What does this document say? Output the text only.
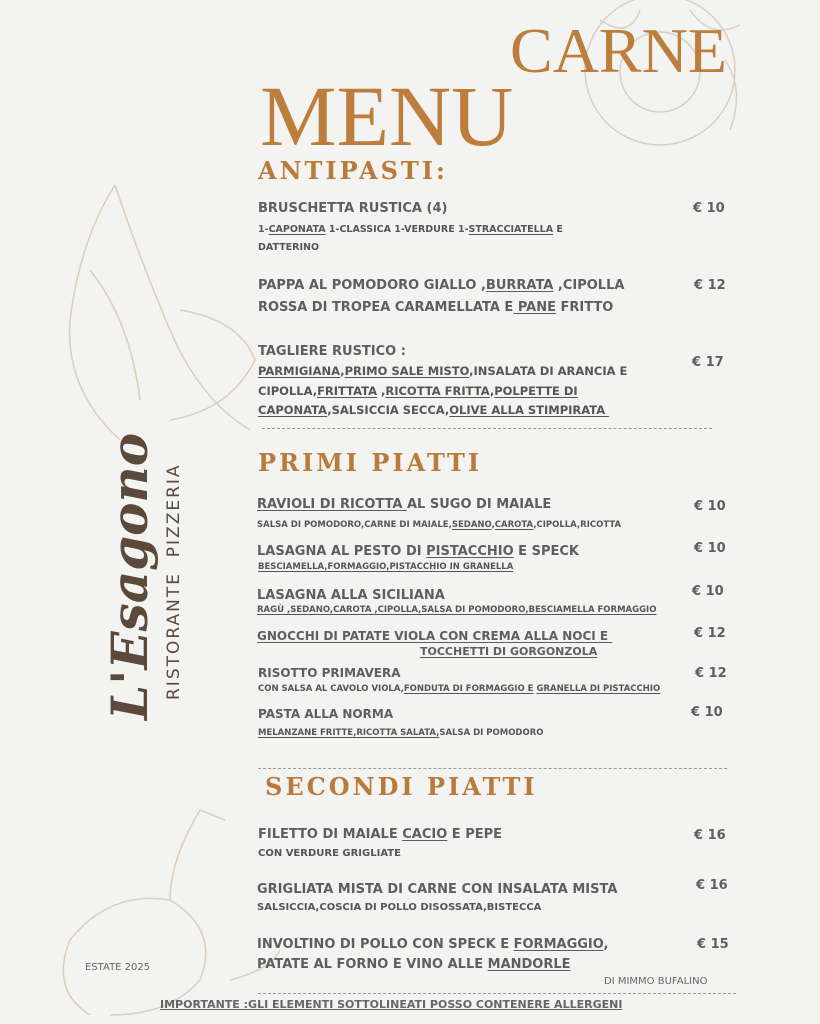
CARNE
MENU
L'Esagono RISTORANTE  PIZZERIA
ESTATE 2025
ANTIPASTI:
BRUSCHETTA RUSTICA (4)
1-CAPONATA 1-CLASSICA 1-VERDURE 1-STRACCIATELLA E
DATTERINO
€ 10
PAPPA AL POMODORO GIALLO ,BURRATA ,CIPOLLA
ROSSA DI TROPEA CARAMELLATA E PANE FRITTO
€ 12
TAGLIERE RUSTICO :
PARMIGIANA,PRIMO SALE MISTO,INSALATA DI ARANCIA E
CIPOLLA,FRITTATA ,RICOTTA FRITTA,POLPETTE DI
CAPONATA,SALSICCIA SECCA,OLIVE ALLA STIMPIRATA
€ 17
PRIMI PIATTI
RAVIOLI DI RICOTTA AL SUGO DI MAIALE
SALSA DI POMODORO,CARNE DI MAIALE,SEDANO,CAROTA,CIPOLLA,RICOTTA
€ 10
LASAGNA AL PESTO DI PISTACCHIO E SPECK
BESCIAMELLA,FORMAGGIO,PISTACCHIO IN GRANELLA
€ 10
LASAGNA ALLA SICILIANA
RAGÙ ,SEDANO,CAROTA ,CIPOLLA,SALSA DI POMODORO,BESCIAMELLA FORMAGGIO
€ 10
GNOCCHI DI PATATE VIOLA CON CREMA ALLA NOCI E
TOCCHETTI DI GORGONZOLA
€ 12
RISOTTO PRIMAVERA
CON SALSA AL CAVOLO VIOLA,FONDUTA DI FORMAGGIO E GRANELLA DI PISTACCHIO
€ 12
PASTA ALLA NORMA
MELANZANE FRITTE,RICOTTA SALATA,SALSA DI POMODORO
€ 10
SECONDI PIATTI
FILETTO DI MAIALE CACIO E PEPE
CON VERDURE GRIGLIATE
€ 16
GRIGLIATA MISTA DI CARNE CON INSALATA MISTA
SALSICCIA,COSCIA DI POLLO DISOSSATA,BISTECCA
€ 16
INVOLTINO DI POLLO CON SPECK E FORMAGGIO,
PATATE AL FORNO E VINO ALLE MANDORLE
€ 15
DI MIMMO BUFALINO
IMPORTANTE :GLI ELEMENTI SOTTOLINEATI POSSO CONTENERE ALLERGENI
